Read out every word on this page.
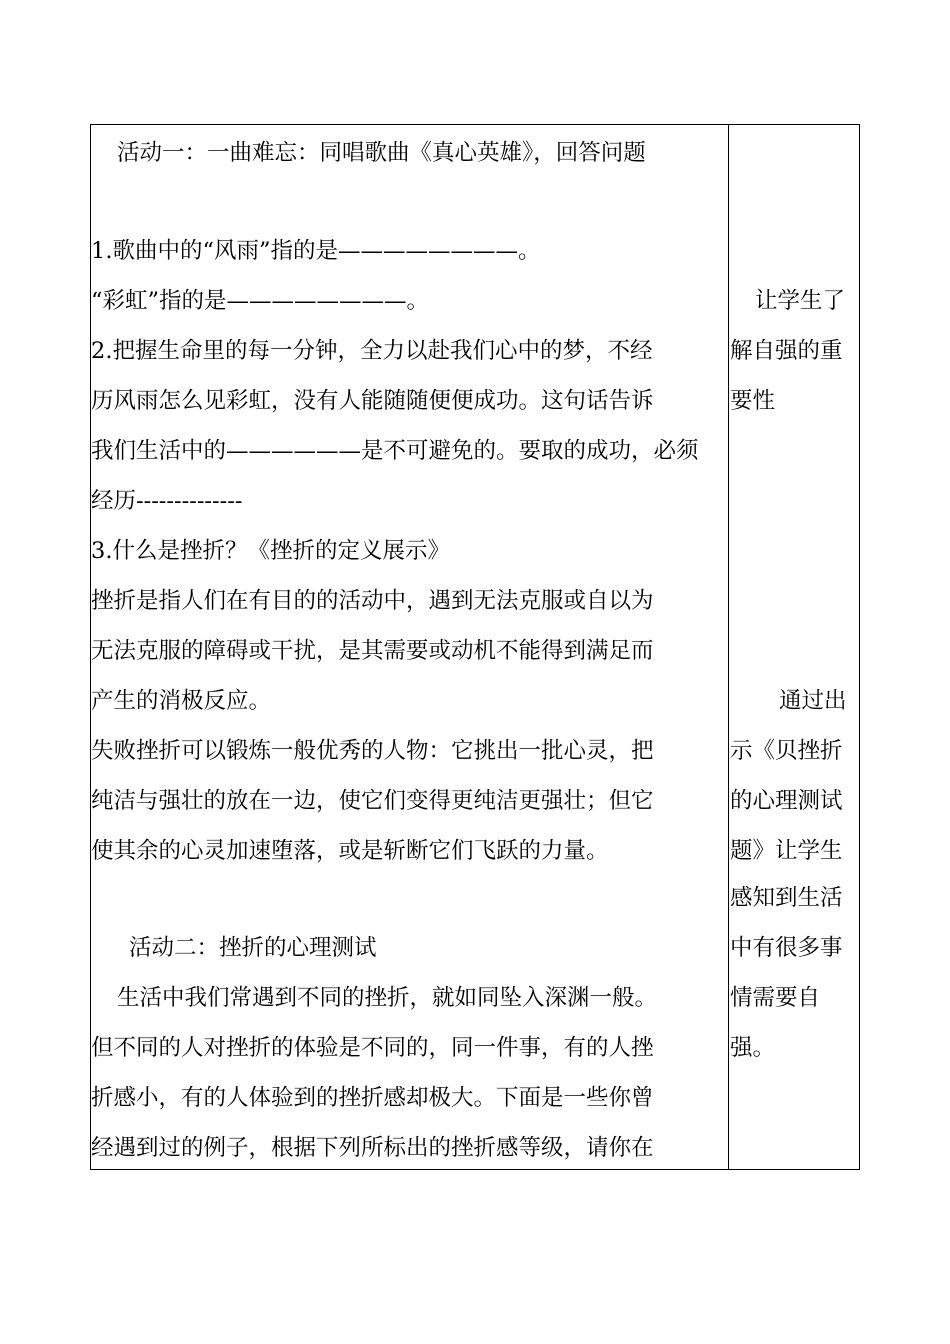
活动一：一曲难忘：同唱歌曲《真心英雄》，回答问题
1.歌曲中的“风雨”指的是————————。
“彩虹”指的是————————。
2.把握生命里的每一分钟，全力以赴我们心中的梦，不经
历风雨怎么见彩虹，没有人能随随便便成功。这句话告诉
我们生活中的——————是不可避免的。要取的成功，必须
经历--------------
3.什么是挫折？《挫折的定义展示》
挫折是指人们在有目的的活动中，遇到无法克服或自以为
无法克服的障碍或干扰，是其需要或动机不能得到满足而
产生的消极反应。
失败挫折可以锻炼一般优秀的人物：它挑出一批心灵，把
纯洁与强壮的放在一边，使它们变得更纯洁更强壮；但它
使其余的心灵加速堕落，或是斩断它们飞跃的力量。
活动二：挫折的心理测试
生活中我们常遇到不同的挫折，就如同坠入深渊一般。
但不同的人对挫折的体验是不同的，同一件事，有的人挫
折感小，有的人体验到的挫折感却极大。下面是一些你曾
经遇到过的例子，根据下列所标出的挫折感等级，请你在
让学生了
解自强的重
要性
通过出
示《贝挫折
的心理测试
题》让学生
感知到生活
中有很多事
情需要自
强。
